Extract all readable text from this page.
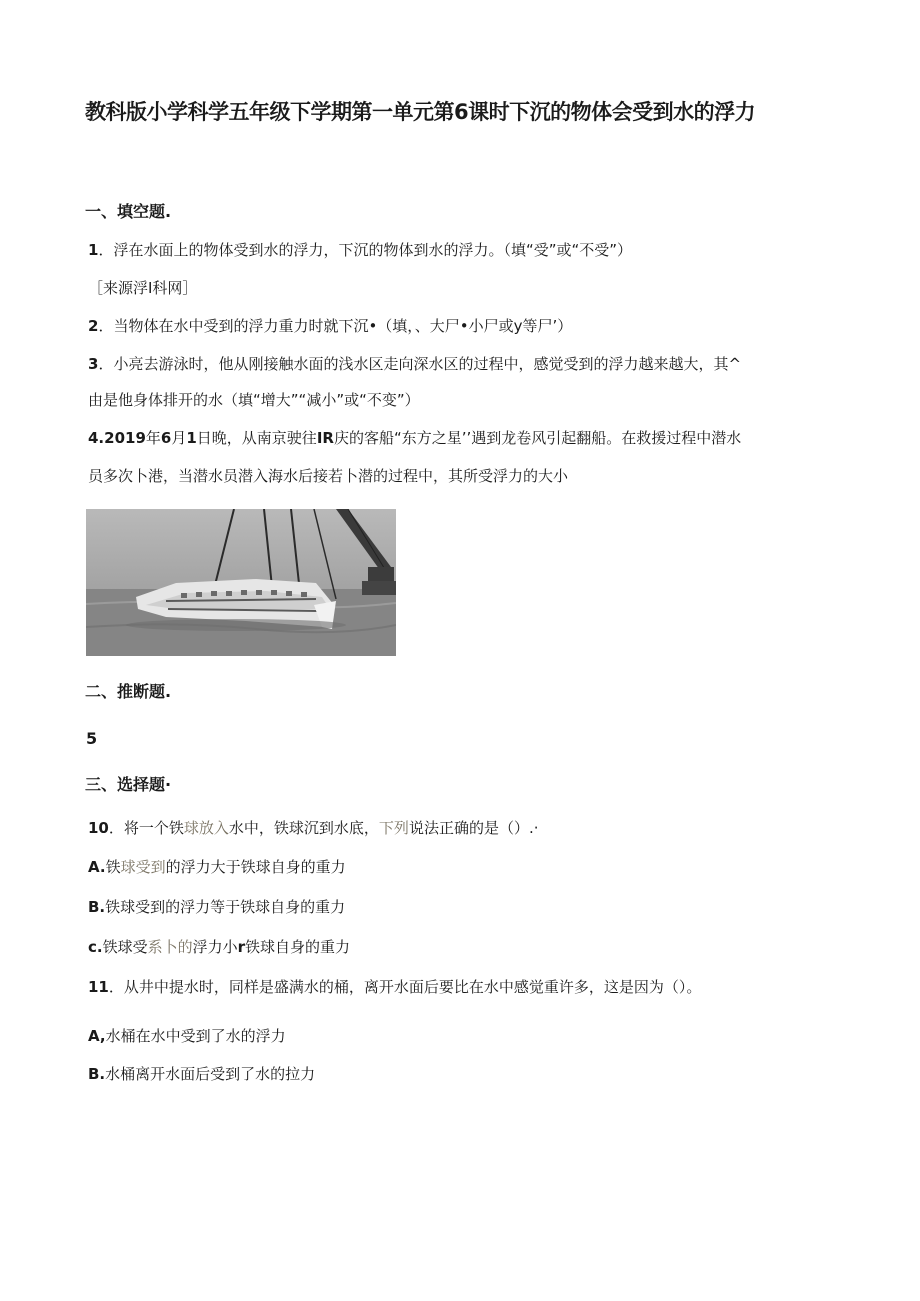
教科版小学科学五年级下学期第一单元第6课时下沉的物体会受到水的浮力
一、填空题.
1．浮在水面上的物体受到水的浮力，下沉的物体到水的浮力。（填“受”或“不受”）
［来源浮I科网］
2．当物体在水中受到的浮力重力时就下沉•（填，、大尸•小尸或y等尸’）
3．小亮去游泳时，他从刚接触水面的浅水区走向深水区的过程中，感觉受到的浮力越来越大，其^
由是他身体排开的水（填“增大”“减小”或“不变”）
4.2019年6月1日晚，从南京驶往IR庆的客船“东方之星’’遇到龙卷风引起翻船。在救援过程中潜水
员多次卜港，当潜水员潜入海水后接若卜潜的过程中，其所受浮力的大小
二、推断题.
5
三、选择题·
10．将一个铁球放入水中，铁球沉到水底，下列说法正确的是（）.·
A.铁球受到的浮力大于铁球自身的重力
B.铁球受到的浮力等于铁球自身的重力
c.铁球受系卜的浮力小r铁球自身的重力
11．从井中提水时，同样是盛满水的桶，离开水面后要比在水中感觉重许多，这是因为（）。
A,水桶在水中受到了水的浮力
B.水桶离开水面后受到了水的拉力
